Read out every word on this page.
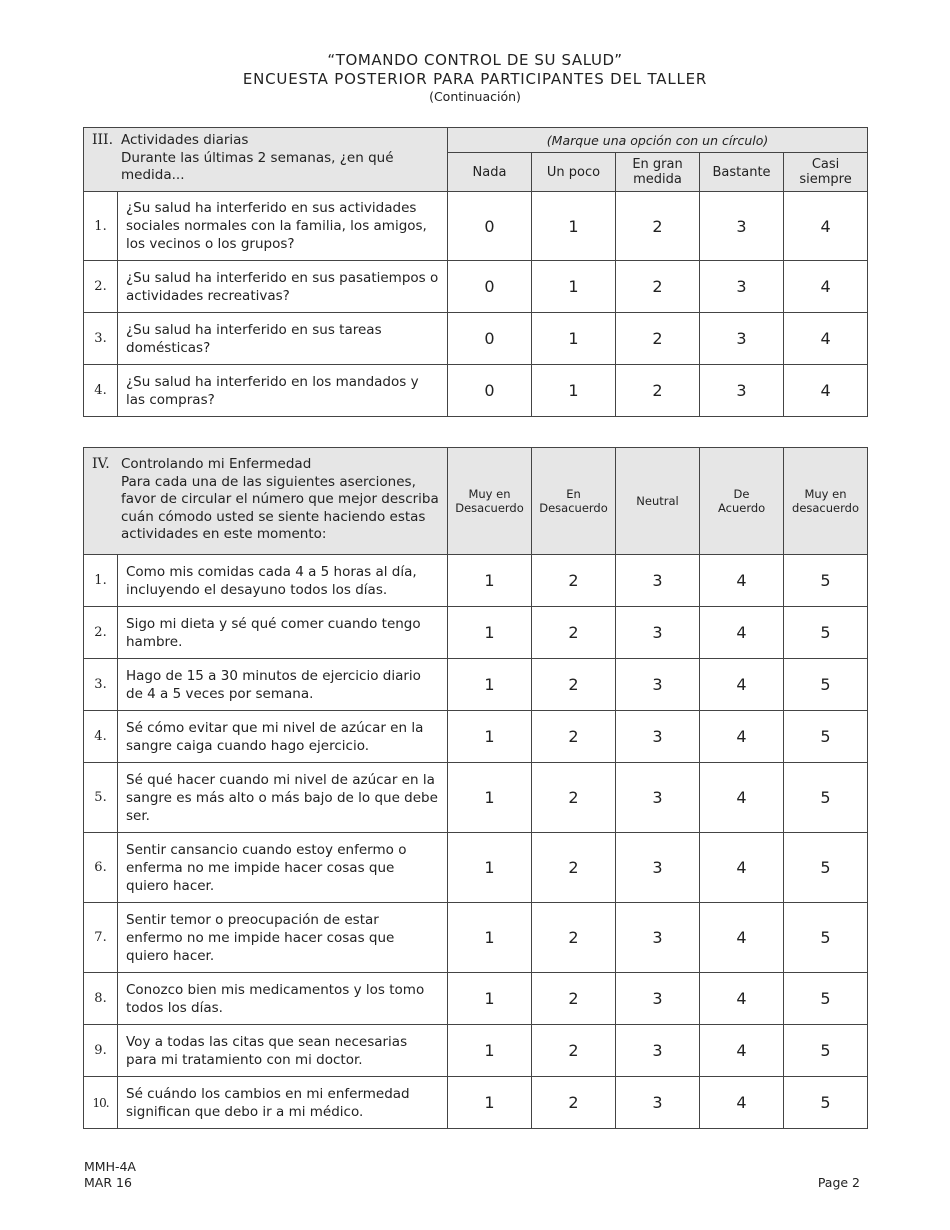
“TOMANDO CONTROL DE SU SALUD”
ENCUESTA POSTERIOR PARA PARTICIPANTES DEL TALLER
(Continuación)
III. Actividades diarias
Durante las últimas 2 semanas, ¿en qué medida...		(Marque una opción con un círculo)				
		Nada	Un poco	En gran medida	Bastante	Casi siempre
1.	¿Su salud ha interferido en sus actividades sociales normales con la familia, los amigos, los vecinos o los grupos?	0	1	2	3	4
2.	¿Su salud ha interferido en sus pasatiempos o actividades recreativas?	0	1	2	3	4
3.	¿Su salud ha interferido en sus tareas domésticas?	0	1	2	3	4
4.	¿Su salud ha interferido en los mandados y las compras?	0	1	2	3	4
IV. Controlando mi Enfermedad
Para cada una de las siguientes aserciones, favor de circular el número que mejor describa cuán cómodo usted se siente haciendo estas actividades en este momento:		Muy en Desacuerdo	En Desacuerdo	Neutral	De Acuerdo	Muy en desacuerdo
1.	Como mis comidas cada 4 a 5 horas al día, incluyendo el desayuno todos los días.	1	2	3	4	5
2.	Sigo mi dieta y sé qué comer cuando tengo hambre.	1	2	3	4	5
3.	Hago de 15 a 30 minutos de ejercicio diario de 4 a 5 veces por semana.	1	2	3	4	5
4.	Sé cómo evitar que mi nivel de azúcar en la sangre caiga cuando hago ejercicio.	1	2	3	4	5
5.	Sé qué hacer cuando mi nivel de azúcar en la sangre es más alto o más bajo de lo que debe ser.	1	2	3	4	5
6.	Sentir cansancio cuando estoy enfermo o enferma no me impide hacer cosas que quiero hacer.	1	2	3	4	5
7.	Sentir temor o preocupación de estar enfermo no me impide hacer cosas que quiero hacer.	1	2	3	4	5
8.	Conozco bien mis medicamentos y los tomo todos los días.	1	2	3	4	5
9.	Voy a todas las citas que sean necesarias para mi tratamiento con mi doctor.	1	2	3	4	5
10.	Sé cuándo los cambios en mi enfermedad significan que debo ir a mi médico.	1	2	3	4	5
MMH-4A
MAR 16	Page 2
